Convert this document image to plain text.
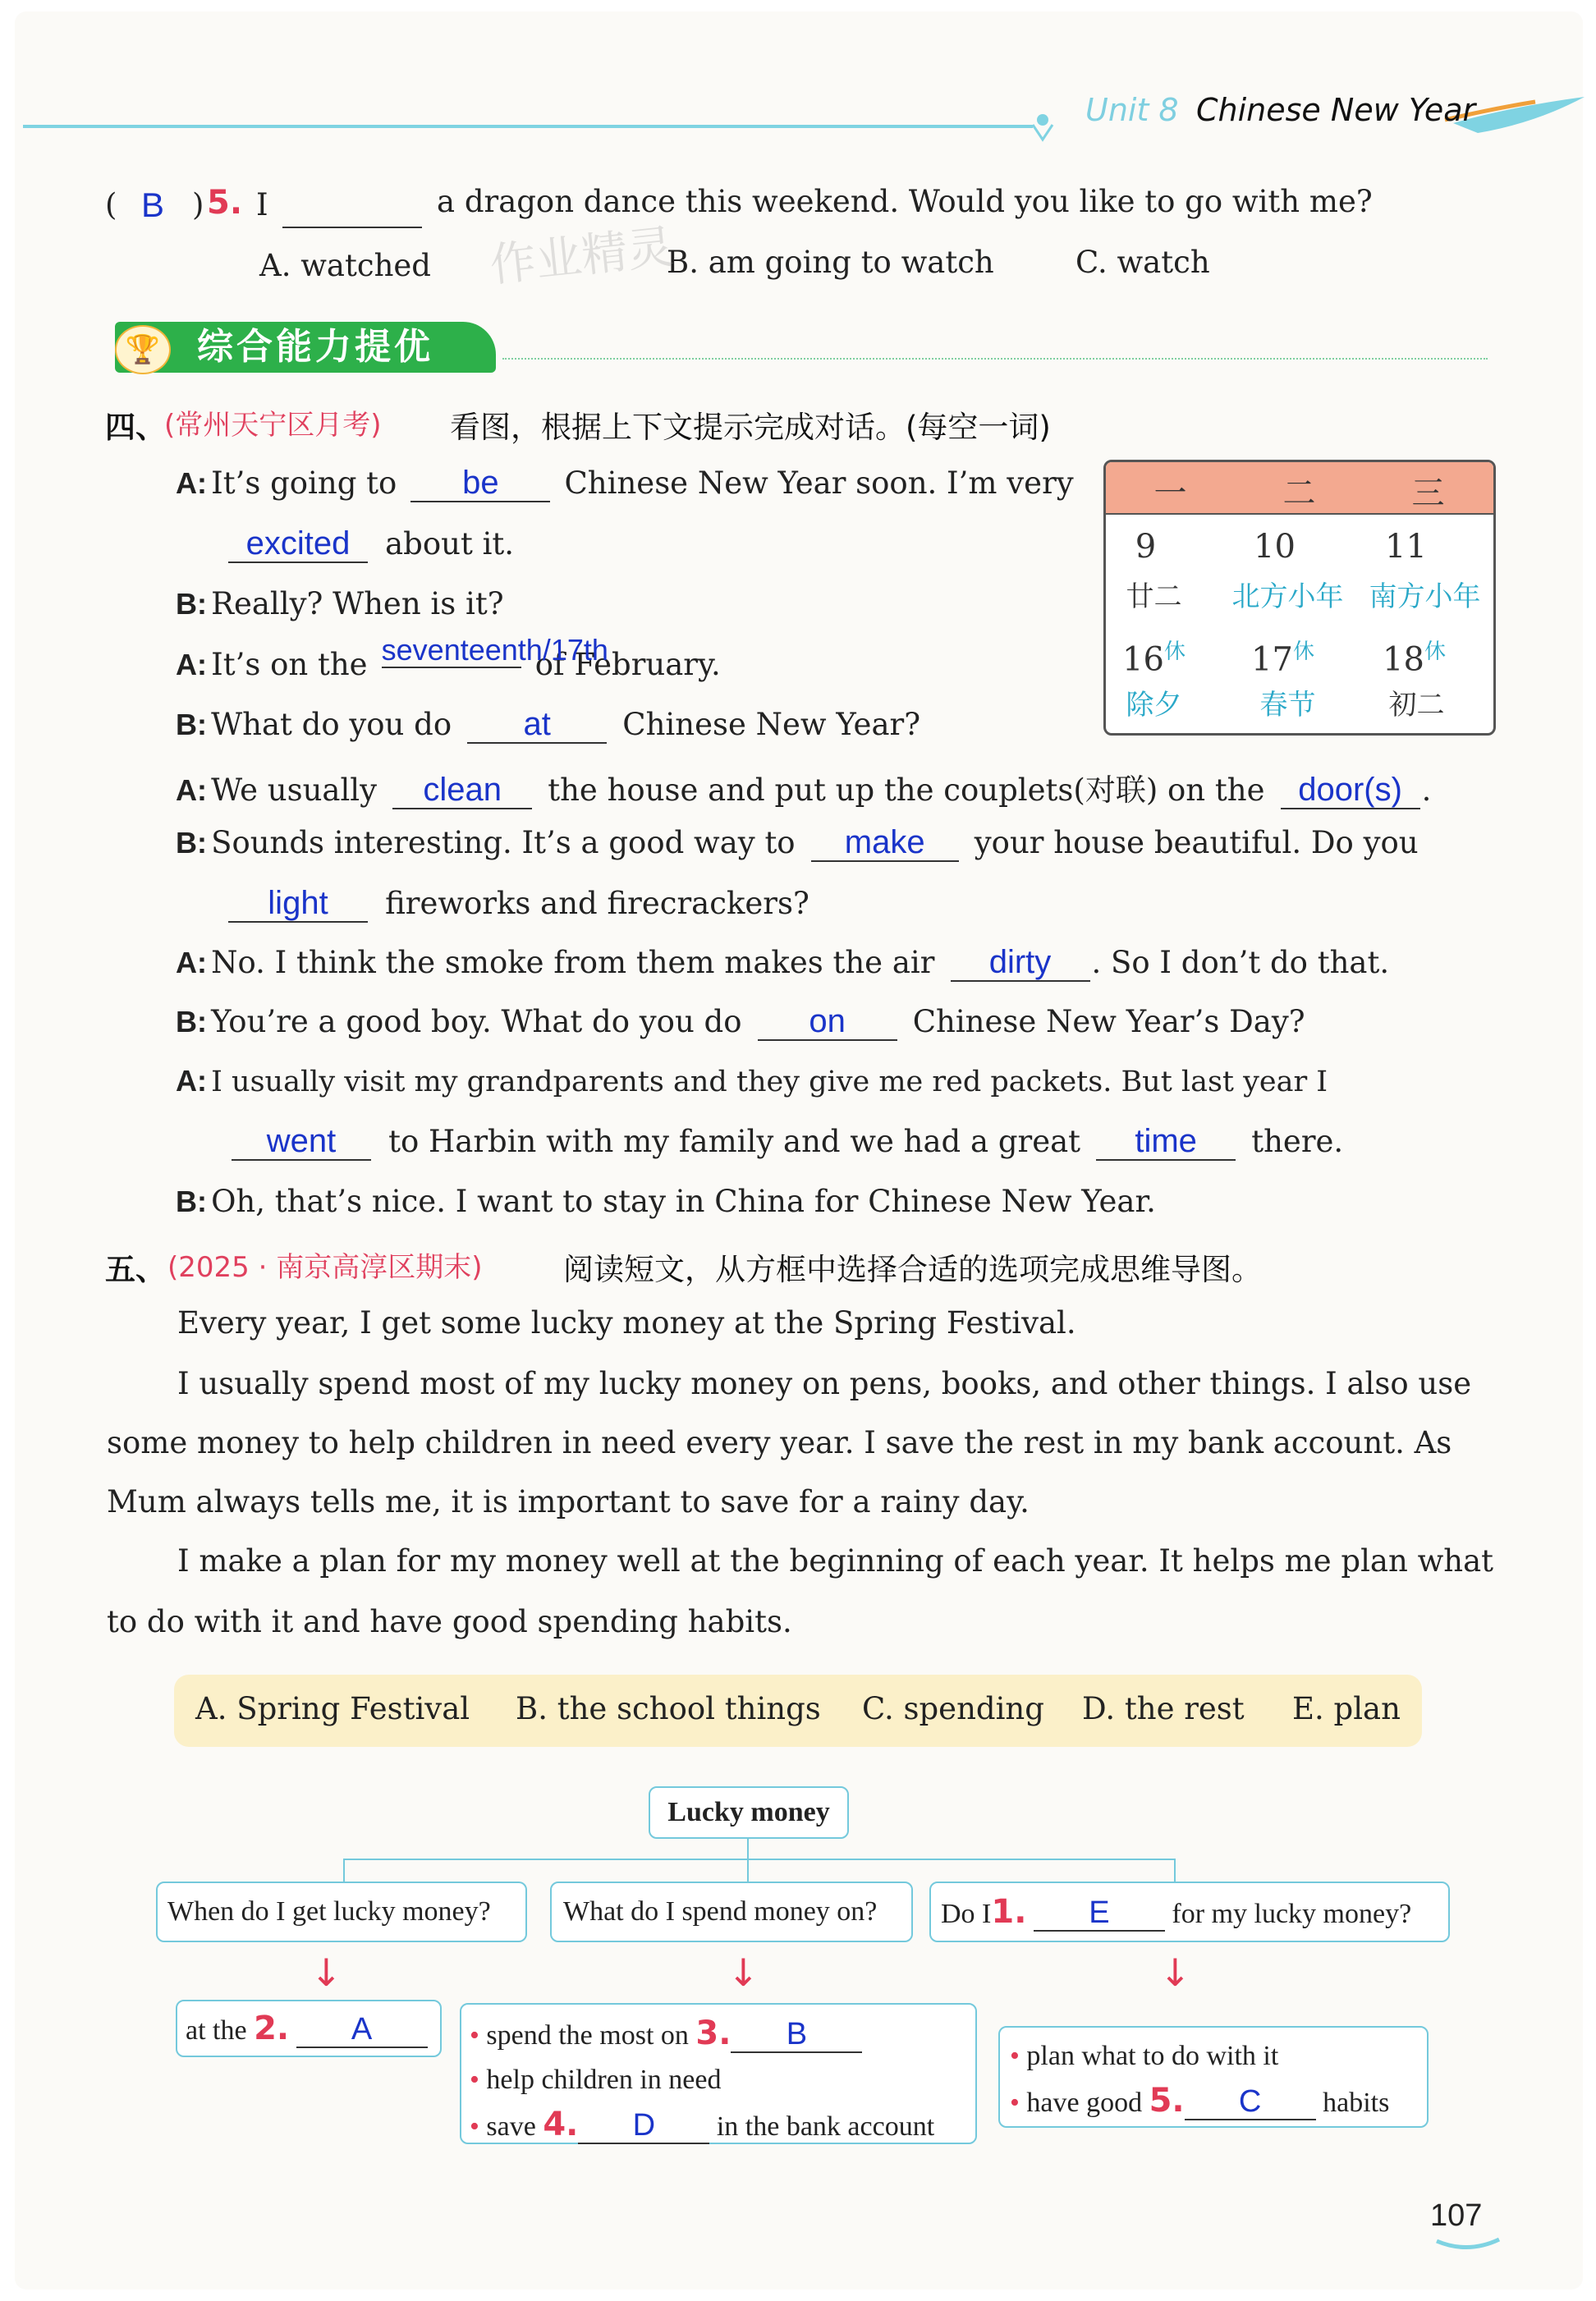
Unit 8 Chinese New Year
( B ) 5. I	a dragon dance this weekend. Would you like to go with me?
A. watched	B. am going to watch	C. watch
作业精灵
综合能力提优
🏆
四、
(常州天宁区月考) 看图，根据上下文提示完成对话。(每空一词)
A: It’s going to be Chinese New Year soon. I’m very
excited about it.
B: Really? When is it?
A: It’s on the seventeenth/17th of February.
B: What do you do at Chinese New Year?
A: We usually clean the house and put up the couplets(对联) on the door(s) .
B: Sounds interesting. It’s a good way to make your house beautiful. Do you
light fireworks and firecrackers?
A: No. I think the smoke from them makes the air dirty . So I don’t do that.
B: You’re a good boy. What do you do on Chinese New Year’s Day?
A: I usually visit my grandparents and they give me red packets. But last year I
went to Harbin with my family and we had a great time there.
B: Oh, that’s nice. I want to stay in China for Chinese New Year.
一	二	三
9	10	11
廿二	北方小年 南方小年
$16^休$	$17^休$	$18^休$
除夕	春节	初二
五、 (2025 · 南京高淳区期末)	阅读短文，从方框中选择合适的选项完成思维导图。
Every year, I get some lucky money at the Spring Festival.
I usually spend most of my lucky money on pens, books, and other things. I also use
some money to help children in need every year. I save the rest in my bank account. As
Mum always tells me, it is important to save for a rainy day.
I make a plan for my money well at the beginning of each year. It helps me plan what
to do with it and have good spending habits.
A. Spring Festival B. the school things C. spending D. the rest E. plan
Lucky money
When do I get lucky money?	What do I spend money on?	Do I1. E for my lucky money?
↓	↓	↓
at the 2. A	• spend the most on 3. B
• help children in need
• save 4. D in the bank account
• plan what to do with it
• have good 5. C habits
107
